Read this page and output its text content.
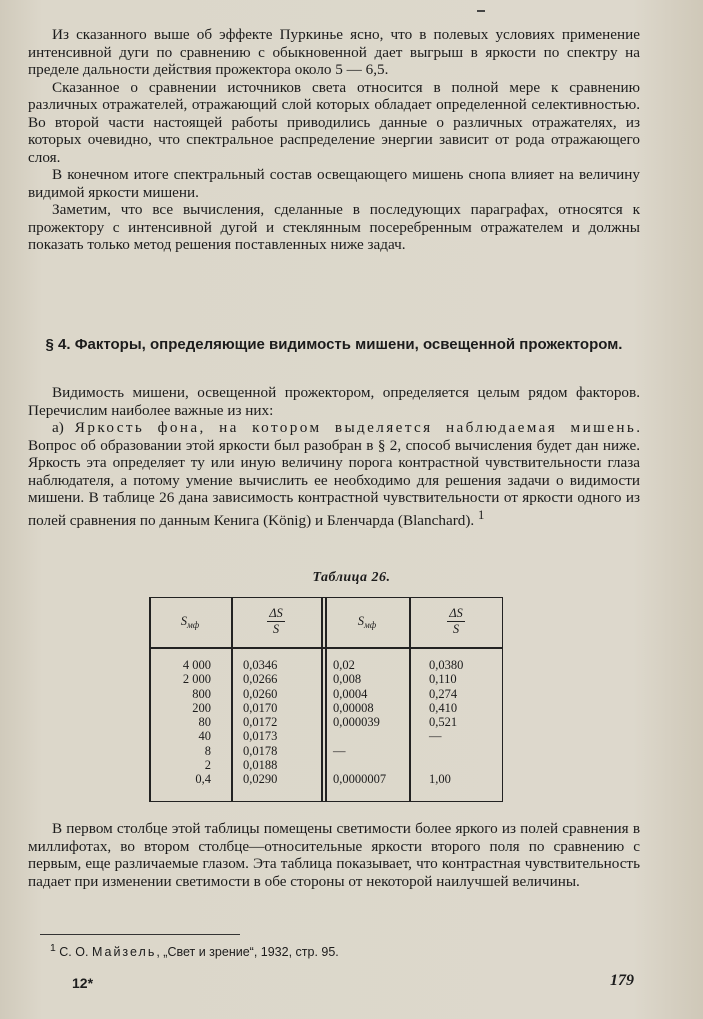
Из сказанного выше об эффекте Пуркинье ясно, что в полевых условиях применение интенсивной дуги по сравнению с обыкновенной дает выгрыш в яркости по спектру на пределе дальности действия прожектора около 5 — 6,5.

Сказанное о сравнении источников света относится в полной мере к сравнению различных отражателей, отражающий слой которых обладает определенной селективностью. Во второй части настоящей работы приводились данные о различных отражателях, из которых очевидно, что спектральное распределение энергии зависит от рода отражающего слоя.

В конечном итоге спектральный состав освещающего мишень снопа влияет на величину видимой яркости мишени.

Заметим, что все вычисления, сделанные в последующих параграфах, относятся к прожектору с интенсивной дугой и стеклянным посеребренным отражателем и должны показать только метод решения поставленных ниже задач.

§ 4. Факторы, определяющие видимость мишени, освещенной прожектором.

Видимость мишени, освещенной прожектором, определяется целым рядом факторов. Перечислим наиболее важные из них:

а) Яркость фона, на котором выделяется наблюдаемая мишень. Вопрос об образовании этой яркости был разобран в § 2, способ вычисления будет дан ниже. Яркость эта определяет ту или иную величину порога контрастной чувствительности глаза наблюдателя, а потому умение вычислить ее необходимо для решения задачи о видимости мишени. В таблице 26 дана зависимость контрастной чувствительности от яркости одного из полей сравнения по данным Кенига (König) и Бленчарда (Blanchard). $^1$

Таблица 26.
$S_{мф}$
4 000
2 000
800
200
80
40
8
2
0,4
$\frac{\Delta S}{S}$
0,0346
0,0266
0,0260
0,0170
0,0172
0,0173
0,0178
0,0188
0,0290
$S_{мф}$
0,02
0,008
0,0004
0,00008
0,000039
—
0,0000007
$\frac{\Delta S}{S}$
0,0380
0,110
0,274
0,410
0,521
—
1,00

В первом столбце этой таблицы помещены светимости более яркого из полей сравнения в миллифотах, во втором столбце—относительные яркости второго поля по сравнению с первым, еще различаемые глазом. Эта таблица показывает, что контрастная чувствительность падает при изменении светимости в обе стороны от некоторой наилучшей величины.

$^1$ С. О. Майзель, „Свет и зрение“, 1932, стр. 95.
12*	179
